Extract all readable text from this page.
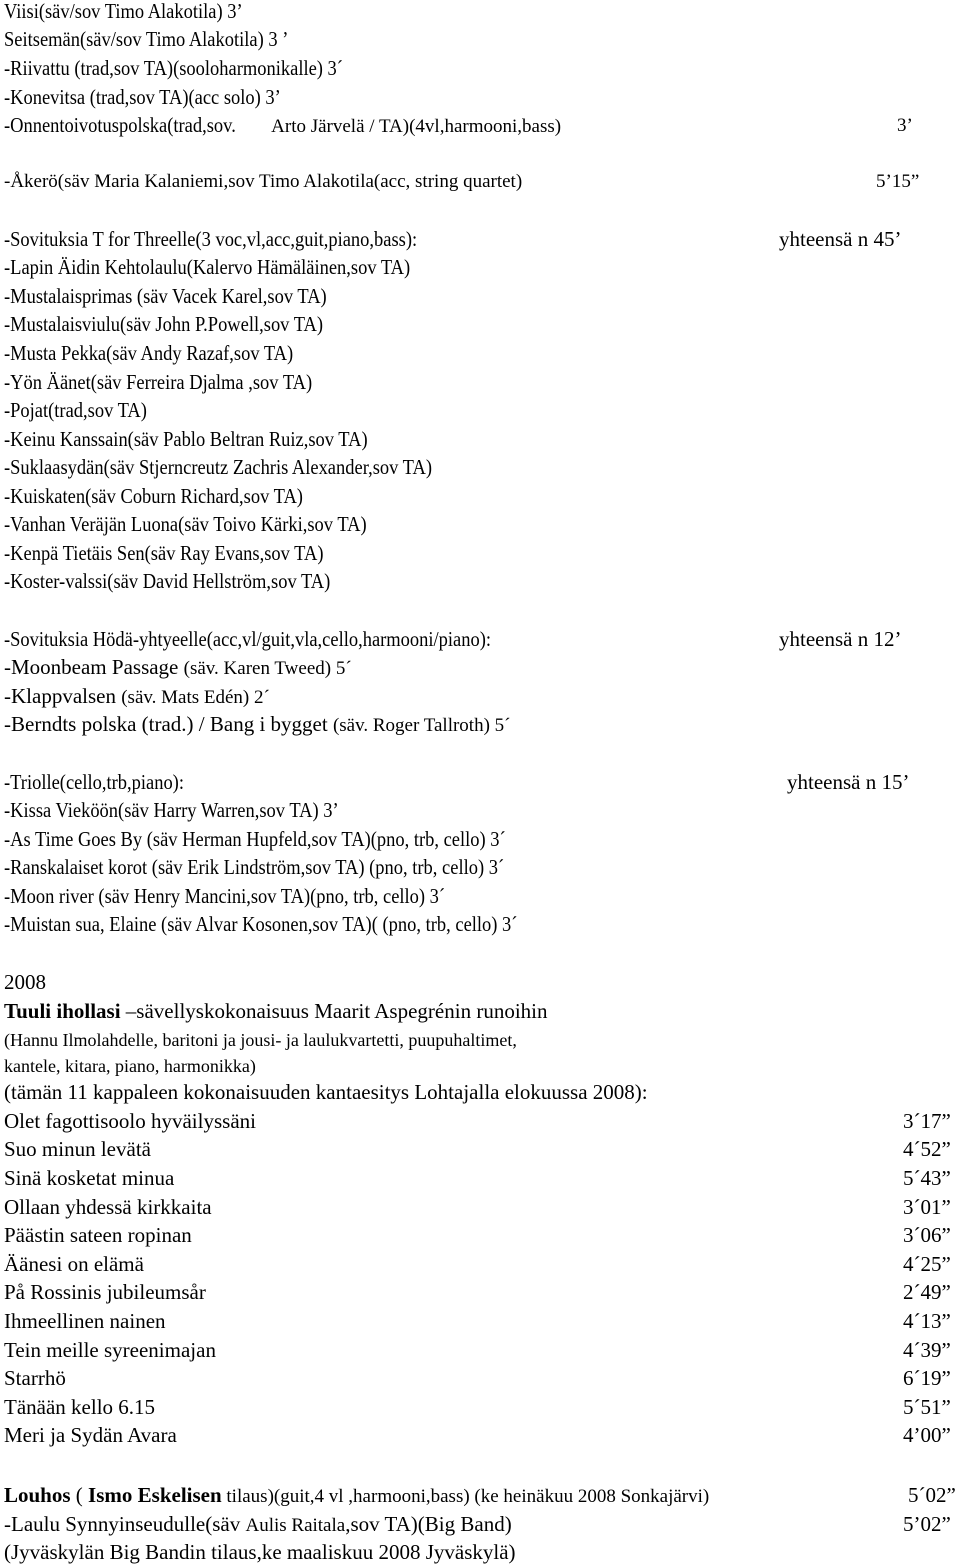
Viisi(säv/sov Timo Alakotila) 3’
Seitsemän(säv/sov Timo Alakotila) 3 ’
-Riivattu (trad,sov TA)(sooloharmonikalle) 3´
-Konevitsa (trad,sov TA)(acc solo) 3’
-Onnentoivotuspolska(trad,sov. Arto Järvelä / TA)(4vl,harmooni,bass)	3’
-Åkerö(säv Maria Kalaniemi,sov Timo Alakotila(acc, string quartet)	5’15”
-Sovituksia T for Threelle(3 voc,vl,acc,guit,piano,bass):	yhteensä n 45’
-Lapin Äidin Kehtolaulu(Kalervo Hämäläinen,sov TA)
-Mustalaisprimas (säv Vacek Karel,sov TA)
-Mustalaisviulu(säv John P.Powell,sov TA)
-Musta Pekka(säv Andy Razaf,sov TA)
-Yön Äänet(säv Ferreira Djalma ,sov TA)
-Pojat(trad,sov TA)
-Keinu Kanssain(säv Pablo Beltran Ruiz,sov TA)
-Suklaasydän(säv Stjerncreutz Zachris Alexander,sov TA)
-Kuiskaten(säv Coburn Richard,sov TA)
-Vanhan Veräjän Luona(säv Toivo Kärki,sov TA)
-Kenpä Tietäis Sen(säv Ray Evans,sov TA)
-Koster-valssi(säv David Hellström,sov TA)
-Sovituksia Hödä-yhtyeelle(acc,vl/guit,vla,cello,harmooni/piano):	yhteensä n 12’
-Moonbeam Passage (säv. Karen Tweed) 5´
-Klappvalsen (säv. Mats Edén) 2´
-Berndts polska (trad.) / Bang i bygget (säv. Roger Tallroth) 5´
-Triolle(cello,trb,piano):	yhteensä n 15’
-Kissa Vieköön(säv Harry Warren,sov TA) 3’
-As Time Goes By (säv Herman Hupfeld,sov TA)(pno, trb, cello) 3´
-Ranskalaiset korot (säv Erik Lindström,sov TA) (pno, trb, cello) 3´
-Moon river (säv Henry Mancini,sov TA)(pno, trb, cello) 3´
-Muistan sua, Elaine (säv Alvar Kosonen,sov TA)( (pno, trb, cello) 3´
2008
Tuuli ihollasi –sävellyskokonaisuus Maarit Aspegrénin runoihin
(Hannu Ilmolahdelle, baritoni ja jousi- ja laulukvartetti, puupuhaltimet,
kantele, kitara, piano, harmonikka)
(tämän 11 kappaleen kokonaisuuden kantaesitys Lohtajalla elokuussa 2008):
Olet fagottisoolo hyväilyssäni	3´17”
Suo minun levätä	4´52”
Sinä kosketat minua	5´43”
Ollaan yhdessä kirkkaita	3´01”
Päästin sateen ropinan	3´06”
Äänesi on elämä	4´25”
På Rossinis jubileumsår	2´49”
Ihmeellinen nainen	4´13”
Tein meille syreenimajan	4´39”
Starrhö	6´19”
Tänään kello 6.15	5´51”
Meri ja Sydän Avara	4’00”
Louhos ( Ismo Eskelisen tilaus)(guit,4 vl ,harmooni,bass) (ke heinäkuu 2008 Sonkajärvi)	5´02”
-Laulu Synnyinseudulle(säv Aulis Raitala,sov TA)(Big Band)	5’02”
(Jyväskylän Big Bandin tilaus,ke maaliskuu 2008 Jyväskylä)
